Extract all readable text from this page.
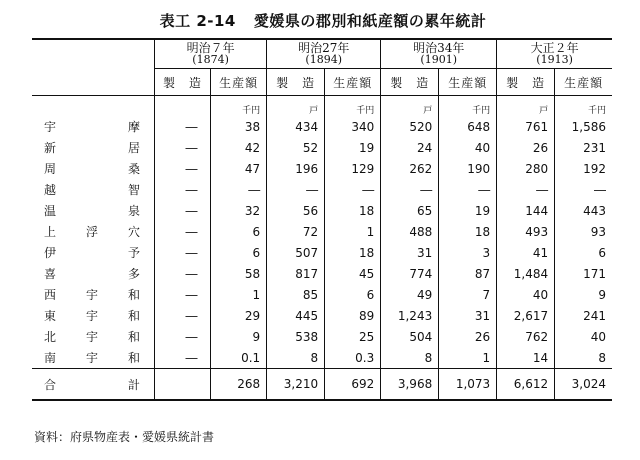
表工 2-14 愛媛県の郡別和紙産額の累年統計
	明治７年
(1874)		明治27年
(1894)		明治34年
(1901)		大正２年
(1913)	

	製　造	生産額	製　造	生産額	製　造	生産額	製　造	生産額
		千円	戸	千円	戸	千円	戸	千円

宇 摩	―	38	434	340	520	648	761	1,586

新 居	―	42	52	19	24	40	26	231

周 桑	―	47	196	129	262	190	280	192

越 智	―	―	―	―	―	―	―	―

温 泉	―	32	56	18	65	19	144	443

上 浮 穴	―	6	72	1	488	18	493	93

伊 予	―	6	507	18	31	3	41	6

喜 多	―	58	817	45	774	87	1,484	171

西 宇 和	―	1	85	6	49	7	40	9

東 宇 和	―	29	445	89	1,243	31	2,617	241

北 宇 和	―	9	538	25	504	26	762	40

南 宇 和	―	0.1	8	0.3	8	1	14	8

合 計		268	3,210	692	3,968	1,073	6,612	3,024
資料：府県物産表・愛媛県統計書
